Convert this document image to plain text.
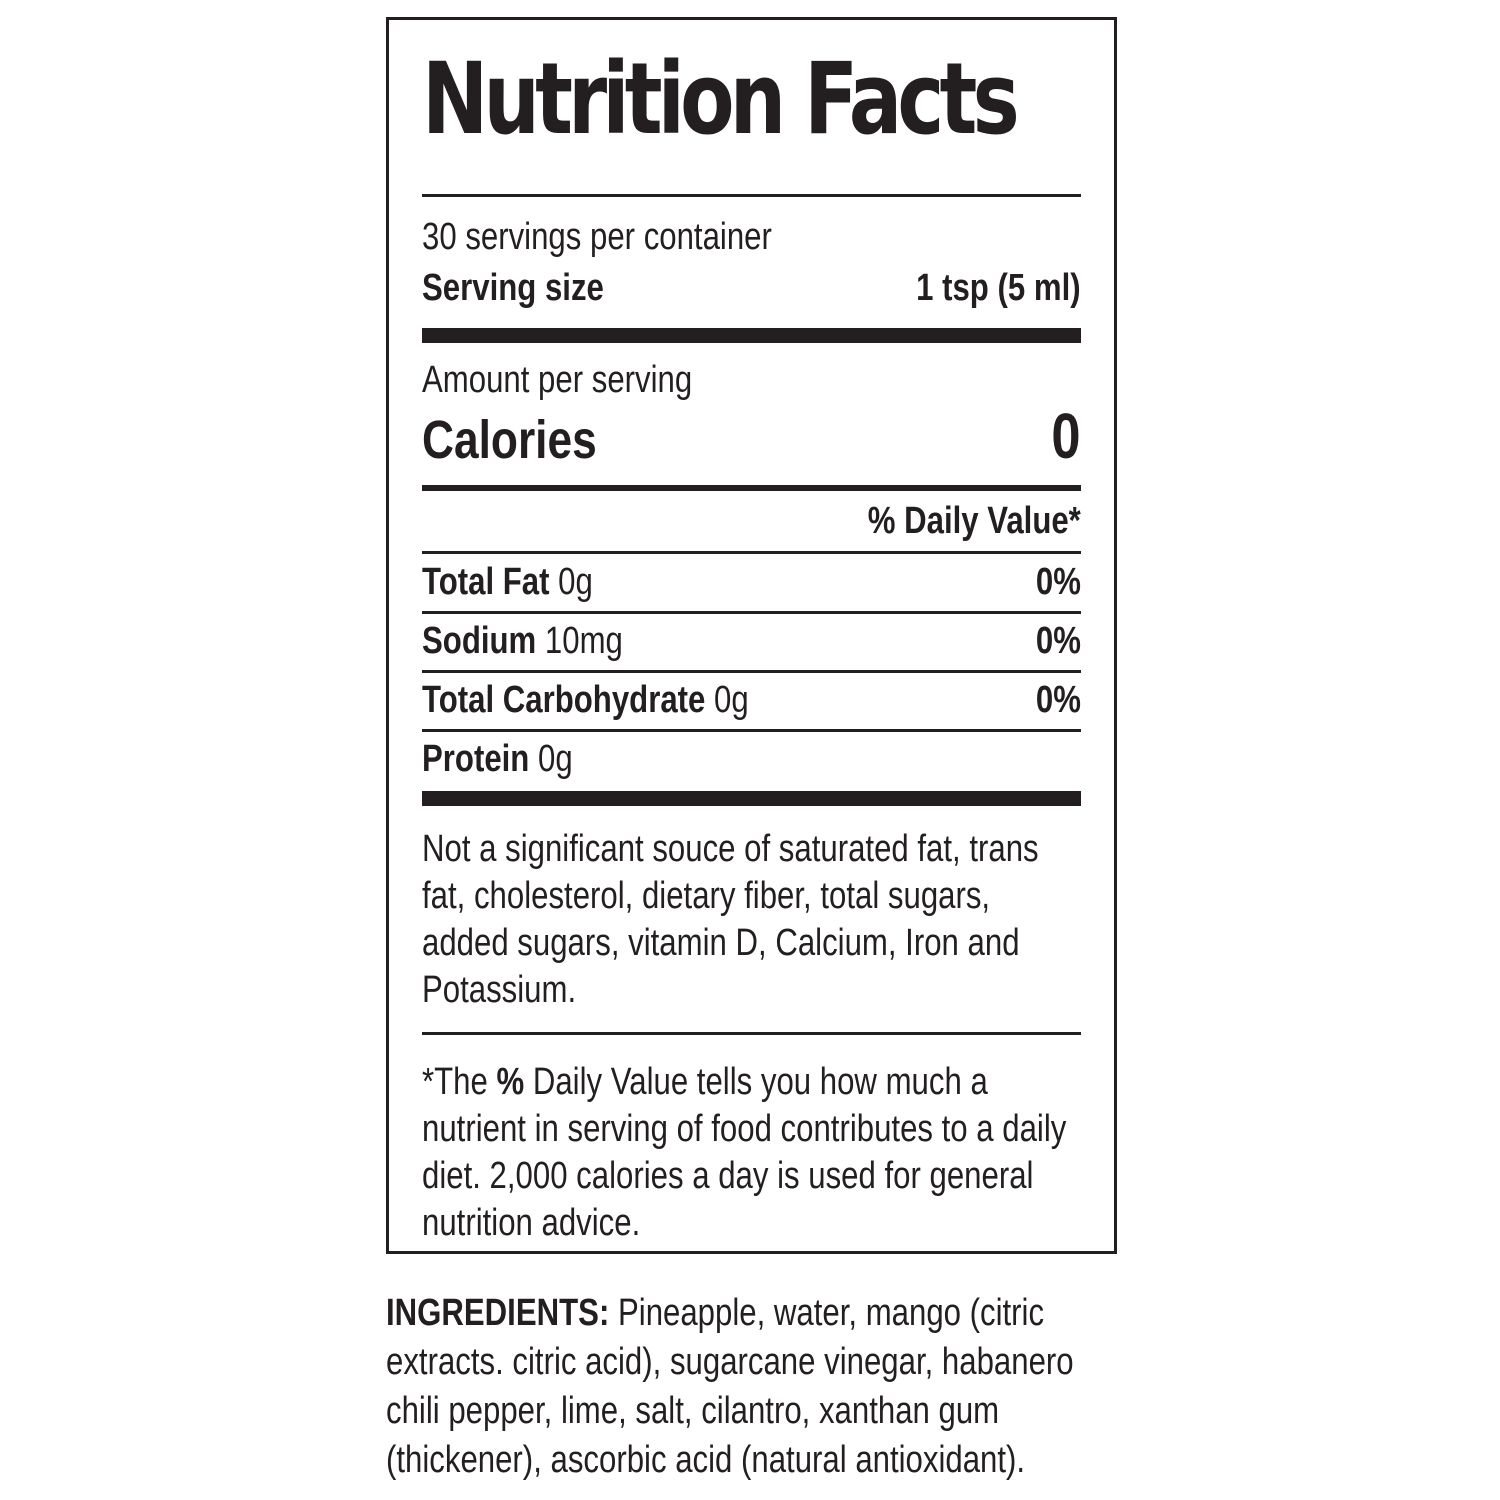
Nutrition Facts
30 servings per container
Serving size	1 tsp (5 ml)
Amount per serving
Calories	0
% Daily Value*
Total Fat 0g	0%
Sodium 10mg	0%
Total Carbohydrate 0g	0%
Protein 0g

Not a significant souce of saturated fat, trans fat, cholesterol, dietary fiber, total sugars, added sugars, vitamin D, Calcium, Iron and Potassium.

*The % Daily Value tells you how much a nutrient in serving of food contributes to a daily diet. 2,000 calories a day is used for general nutrition advice.

INGREDIENTS: Pineapple, water, mango (citric extracts. citric acid), sugarcane vinegar, habanero chili pepper, lime, salt, cilantro, xanthan gum (thickener), ascorbic acid (natural antioxidant).
